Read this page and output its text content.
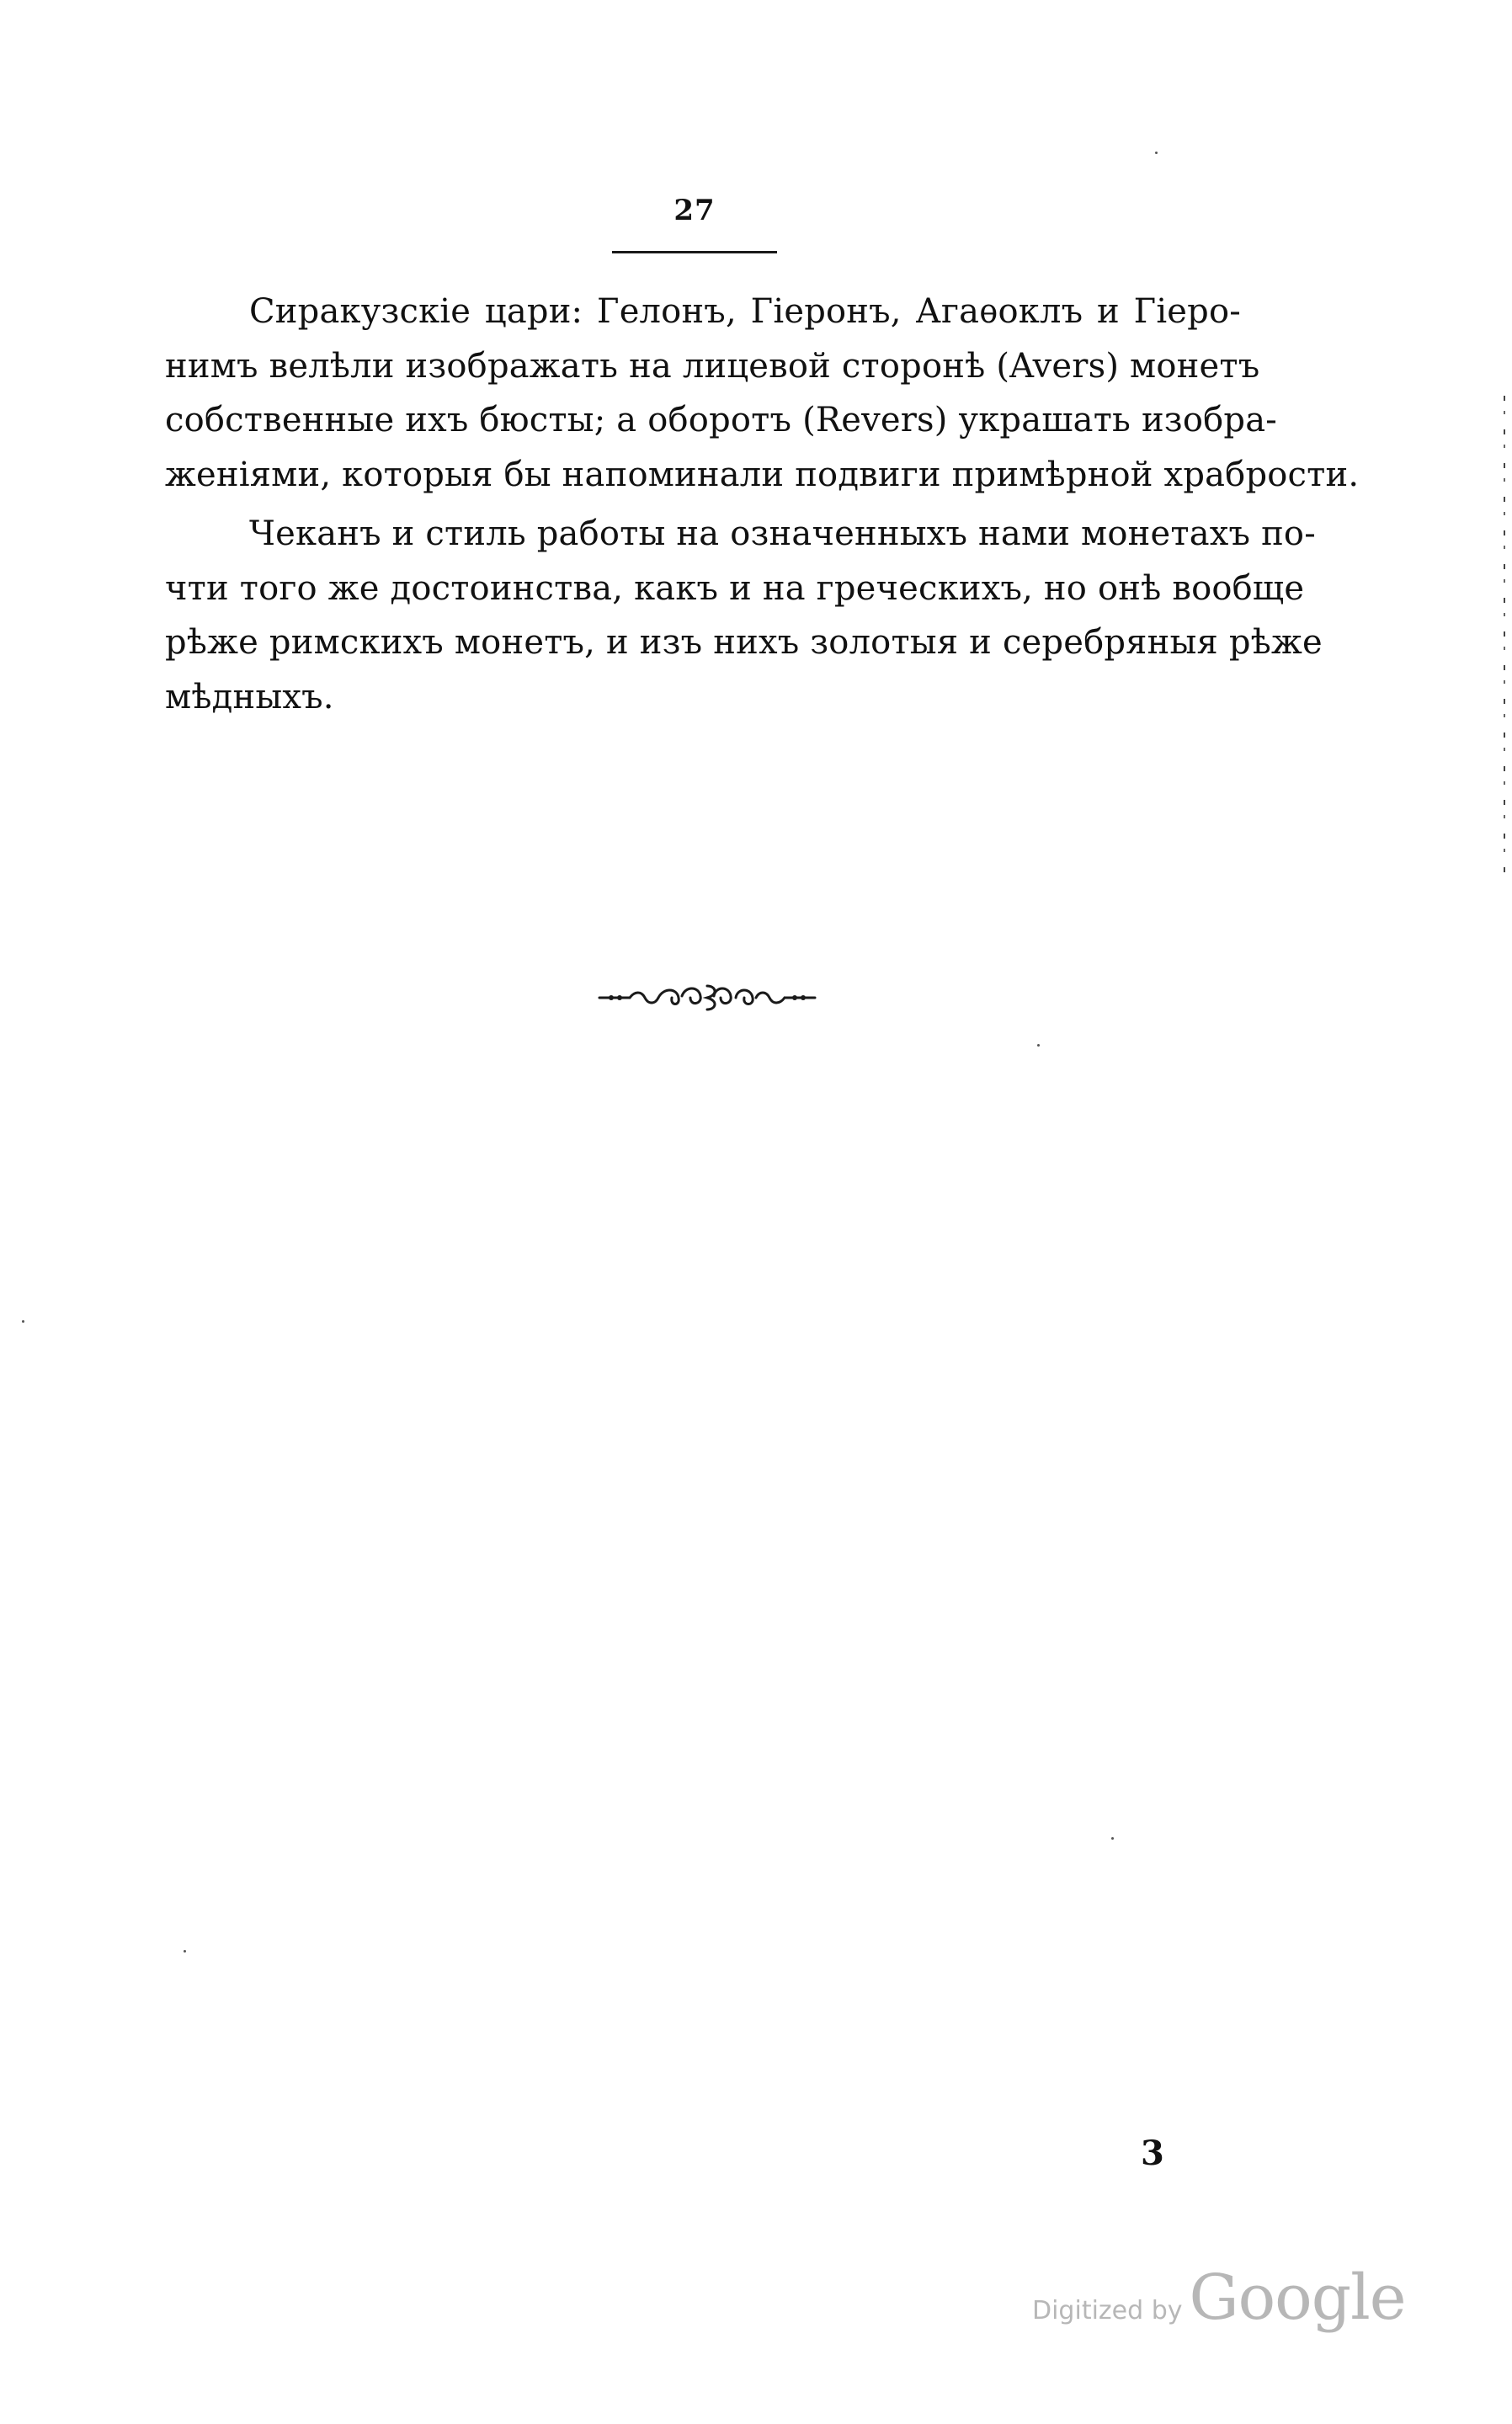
27
Сиракузскіе цари: Гелонъ, Гіеронъ, Агаѳоклъ и Гіеро-
нимъ велѣли изображать на лицевой сторонѣ (Avers) монетъ
собственные ихъ бюсты; а оборотъ (Revers) украшать изобра-
женіями, которыя бы напоминали подвиги примѣрной храбрости.
Чеканъ и стиль работы на означенныхъ нами монетахъ по-
чти того же достоинства, какъ и на греческихъ, но онѣ вообще
рѣже римскихъ монетъ, и изъ нихъ золотыя и серебряныя рѣже
мѣдныхъ.
3
Digitized by Google
